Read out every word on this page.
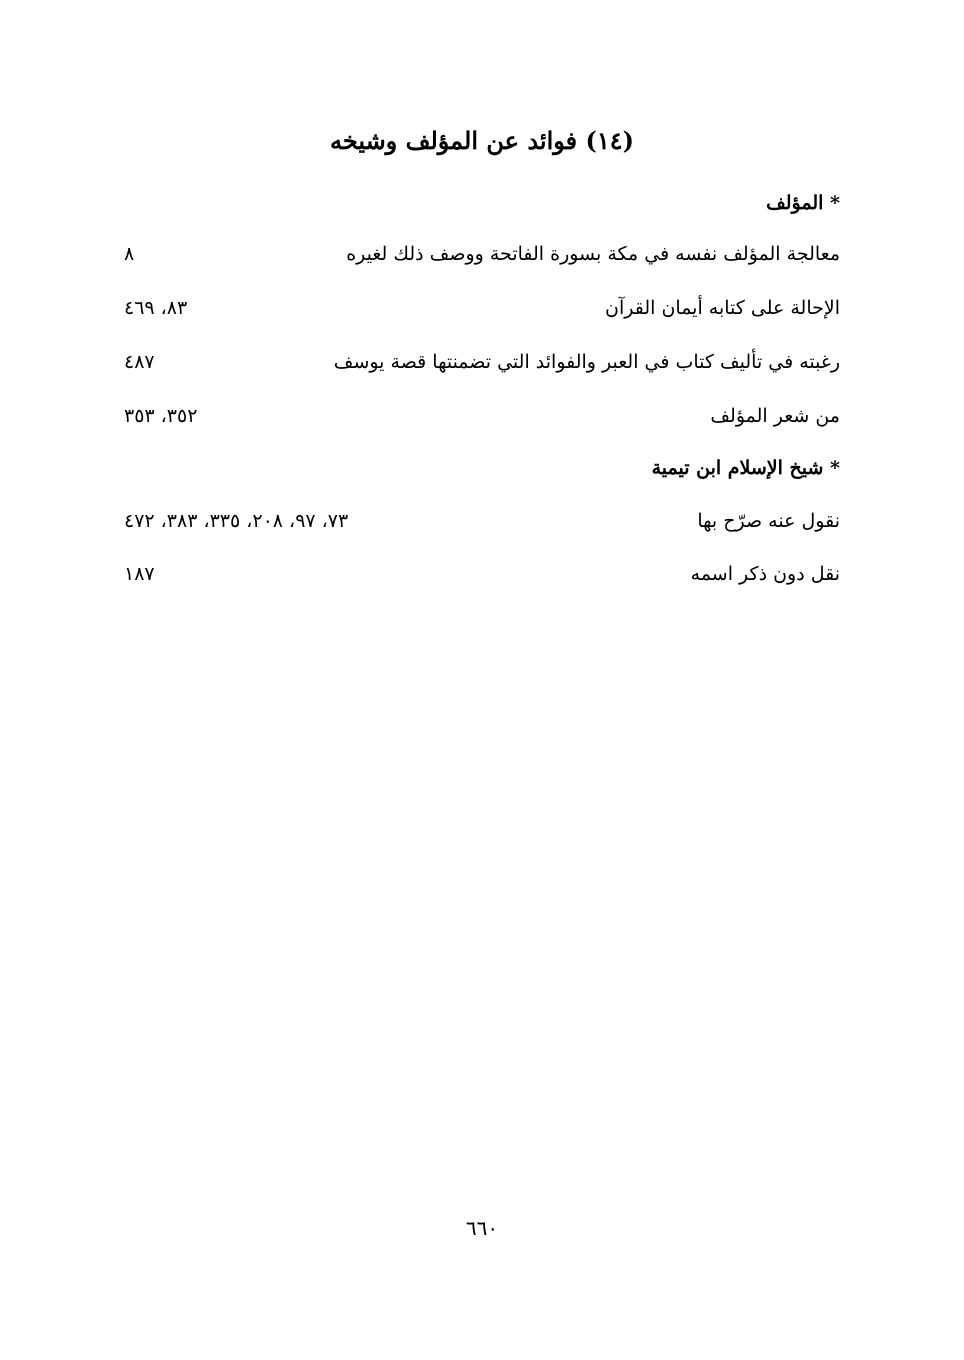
(١٤) فوائد عن المؤلف وشيخه
* المؤلف
معالجة المؤلف نفسه في مكة بسورة الفاتحة ووصف ذلك لغيره
٨
الإحالة على كتابه أيمان القرآن
٨٣، ٤٦٩
رغبته في تأليف كتاب في العبر والفوائد التي تضمنتها قصة يوسف
٤٨٧
من شعر المؤلف
٣٥٢، ٣٥٣
* شيخ الإسلام ابن تيمية
نقول عنه صرّح بها
٧٣، ٩٧، ٢٠٨، ٣٣٥، ٣٨٣، ٤٧٢
نقل دون ذكر اسمه
١٨٧
٦٦٠
